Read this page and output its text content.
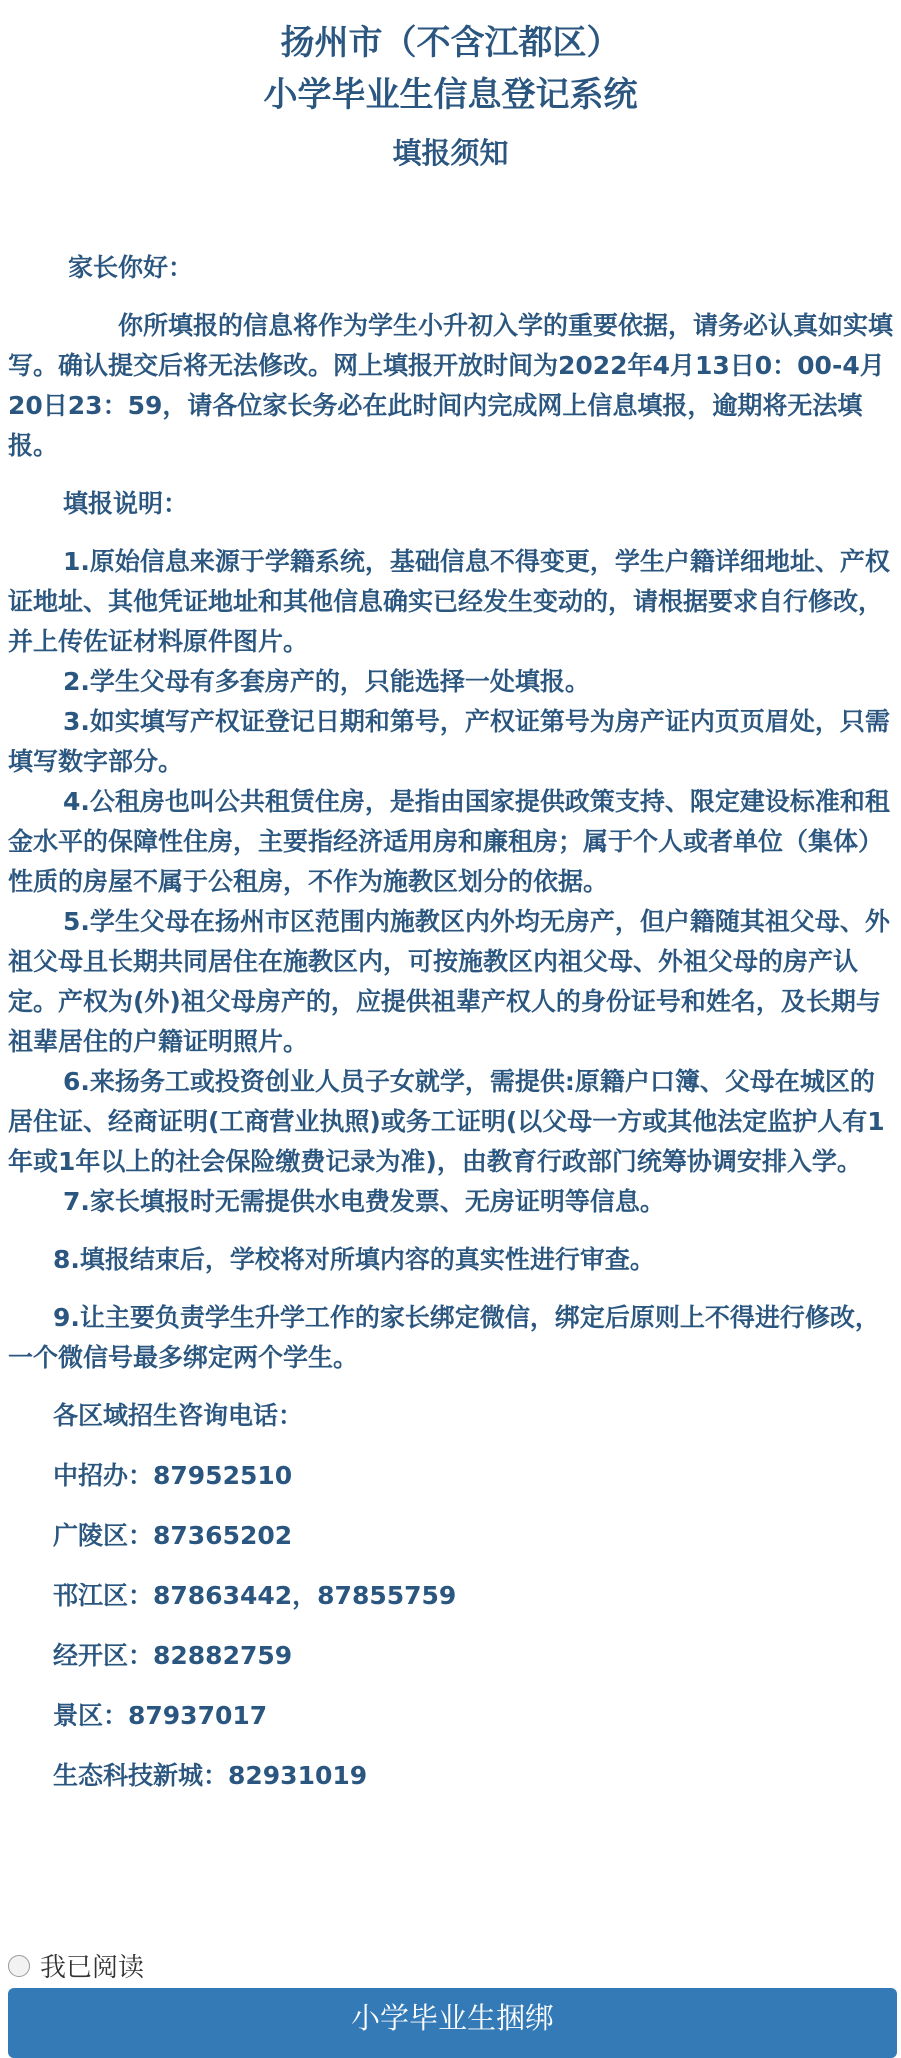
扬州市（不含江都区）
小学毕业生信息登记系统
填报须知

家长你好：

你所填报的信息将作为学生小升初入学的重要依据，请务必认真如实填写。确认提交后将无法修改。网上填报开放时间为2022年4月13日0：00-4月20日23：59，请各位家长务必在此时间内完成网上信息填报，逾期将无法填报。

填报说明：

1.原始信息来源于学籍系统，基础信息不得变更，学生户籍详细地址、产权证地址、其他凭证地址和其他信息确实已经发生变动的，请根据要求自行修改，并上传佐证材料原件图片。

2.学生父母有多套房产的，只能选择一处填报。

3.如实填写产权证登记日期和第号，产权证第号为房产证内页页眉处，只需填写数字部分。

4.公租房也叫公共租赁住房，是指由国家提供政策支持、限定建设标准和租金水平的保障性住房，主要指经济适用房和廉租房；属于个人或者单位（集体）性质的房屋不属于公租房，不作为施教区划分的依据。

5.学生父母在扬州市区范围内施教区内外均无房产，但户籍随其祖父母、外祖父母且长期共同居住在施教区内，可按施教区内祖父母、外祖父母的房产认定。产权为(外)祖父母房产的，应提供祖辈产权人的身份证号和姓名，及长期与祖辈居住的户籍证明照片。

6.来扬务工或投资创业人员子女就学，需提供:原籍户口簿、父母在城区的居住证、经商证明(工商营业执照)或务工证明(以父母一方或其他法定监护人有1年或1年以上的社会保险缴费记录为准)，由教育行政部门统筹协调安排入学。

7.家长填报时无需提供水电费发票、无房证明等信息。

8.填报结束后，学校将对所填内容的真实性进行审查。

9.让主要负责学生升学工作的家长绑定微信，绑定后原则上不得进行修改，一个微信号最多绑定两个学生。

各区域招生咨询电话：

中招办：87952510

广陵区：87365202

邗江区：87863442，87855759

经开区：82882759

景区：87937017

生态科技新城：82931019

我已阅读
小学毕业生捆绑
